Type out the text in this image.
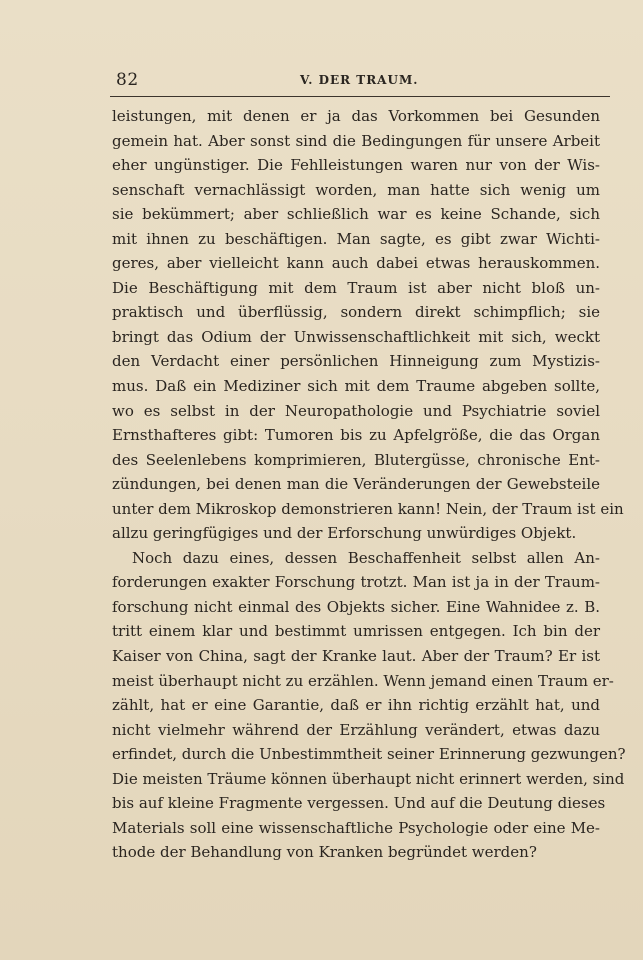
82	V. DER TRAUM.
leistungen, mit denen er ja das Vorkommen bei Gesunden
gemein hat. Aber sonst sind die Bedingungen für unsere Arbeit
eher ungünstiger. Die Fehlleistungen waren nur von der Wis-
senschaft vernachlässigt worden, man hatte sich wenig um
sie bekümmert; aber schließlich war es keine Schande, sich
mit ihnen zu beschäftigen. Man sagte, es gibt zwar Wichti-
geres, aber vielleicht kann auch dabei etwas herauskommen.
Die Beschäftigung mit dem Traum ist aber nicht bloß un-
praktisch und überflüssig, sondern direkt schimpflich; sie
bringt das Odium der Unwissenschaftlichkeit mit sich, weckt
den Verdacht einer persönlichen Hinneigung zum Mystizis-
mus. Daß ein Mediziner sich mit dem Traume abgeben sollte,
wo es selbst in der Neuropathologie und Psychiatrie soviel
Ernsthafteres gibt: Tumoren bis zu Apfelgröße, die das Organ
des Seelenlebens komprimieren, Blutergüsse, chronische Ent-
zündungen, bei denen man die Veränderungen der Gewebsteile
unter dem Mikroskop demonstrieren kann! Nein, der Traum ist ein
allzu geringfügiges und der Erforschung unwürdiges Objekt.
Noch dazu eines, dessen Beschaffenheit selbst allen An-
forderungen exakter Forschung trotzt. Man ist ja in der Traum-
forschung nicht einmal des Objekts sicher. Eine Wahnidee z. B.
tritt einem klar und bestimmt umrissen entgegen. Ich bin der
Kaiser von China, sagt der Kranke laut. Aber der Traum? Er ist
meist überhaupt nicht zu erzählen. Wenn jemand einen Traum er-
zählt, hat er eine Garantie, daß er ihn richtig erzählt hat, und
nicht vielmehr während der Erzählung verändert, etwas dazu
erfindet, durch die Unbestimmtheit seiner Erinnerung gezwungen?
Die meisten Träume können überhaupt nicht erinnert werden, sind
bis auf kleine Fragmente vergessen. Und auf die Deutung dieses
Materials soll eine wissenschaftliche Psychologie oder eine Me-
thode der Behandlung von Kranken begründet werden?
